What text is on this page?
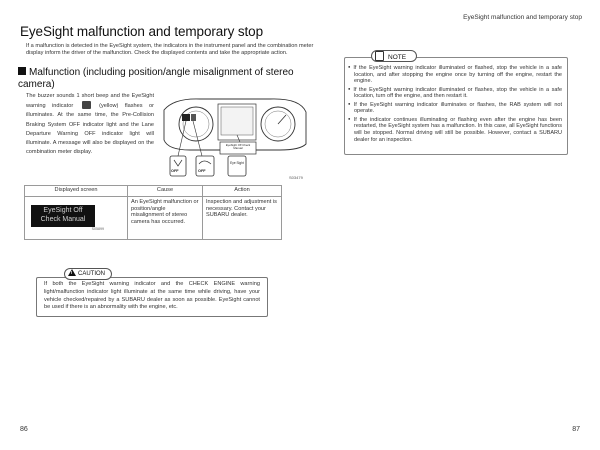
EyeSight malfunction and temporary stop
EyeSight malfunction and temporary stop
If a malfunction is detected in the EyeSight system, the indicators in the instrument panel and the combination meter display inform the driver of the malfunction. Check the displayed contents and take the appropriate action.
Malfunction (including position/angle misalignment of stereo camera)
The buzzer sounds 1 short beep and the EyeSight warning indicator	(yellow) flashes or illuminates. At the same time, the Pre-Collision Braking System OFF indicator light and the Lane Departure Warning OFF indicator light will illuminate. A message will also be displayed on the combination meter display.
OFF	OFF
Eye Sight
EyeSight Off Check Manual
S03479
Displayed screen	Cause	Action

EyeSight Off
Check Manual
S05899	An EyeSight malfunction or position/angle misalignment of stereo camera has occurred.	Inspection and adjustment is necessary. Contact your SUBARU dealer.
!CAUTION
If both the EyeSight warning indicator and the CHECK ENGINE warning light/malfunction indicator light illuminate at the same time while driving, have your vehicle checked/repaired by a SUBARU dealer as soon as possible. EyeSight cannot be used if there is an abnormality with the engine, etc.
NOTE
● If the EyeSight warning indicator illuminated or flashed, stop the vehicle in a safe location, and after stopping the engine once by turning off the engine, restart the engine.
● If the EyeSight warning indicator illuminated or flashes, stop the vehicle in a safe location, turn off the engine, and then restart it.
● If the EyeSight warning indicator illuminates or flashes, the RAB system will not operate.
● If the indicator continues illuminating or flashing even after the engine has been restarted, the EyeSight system has a malfunction. In this case, all EyeSight functions will be stopped. Normal driving will still be possible. However, contact a SUBARU dealer for an inspection.
86	87
